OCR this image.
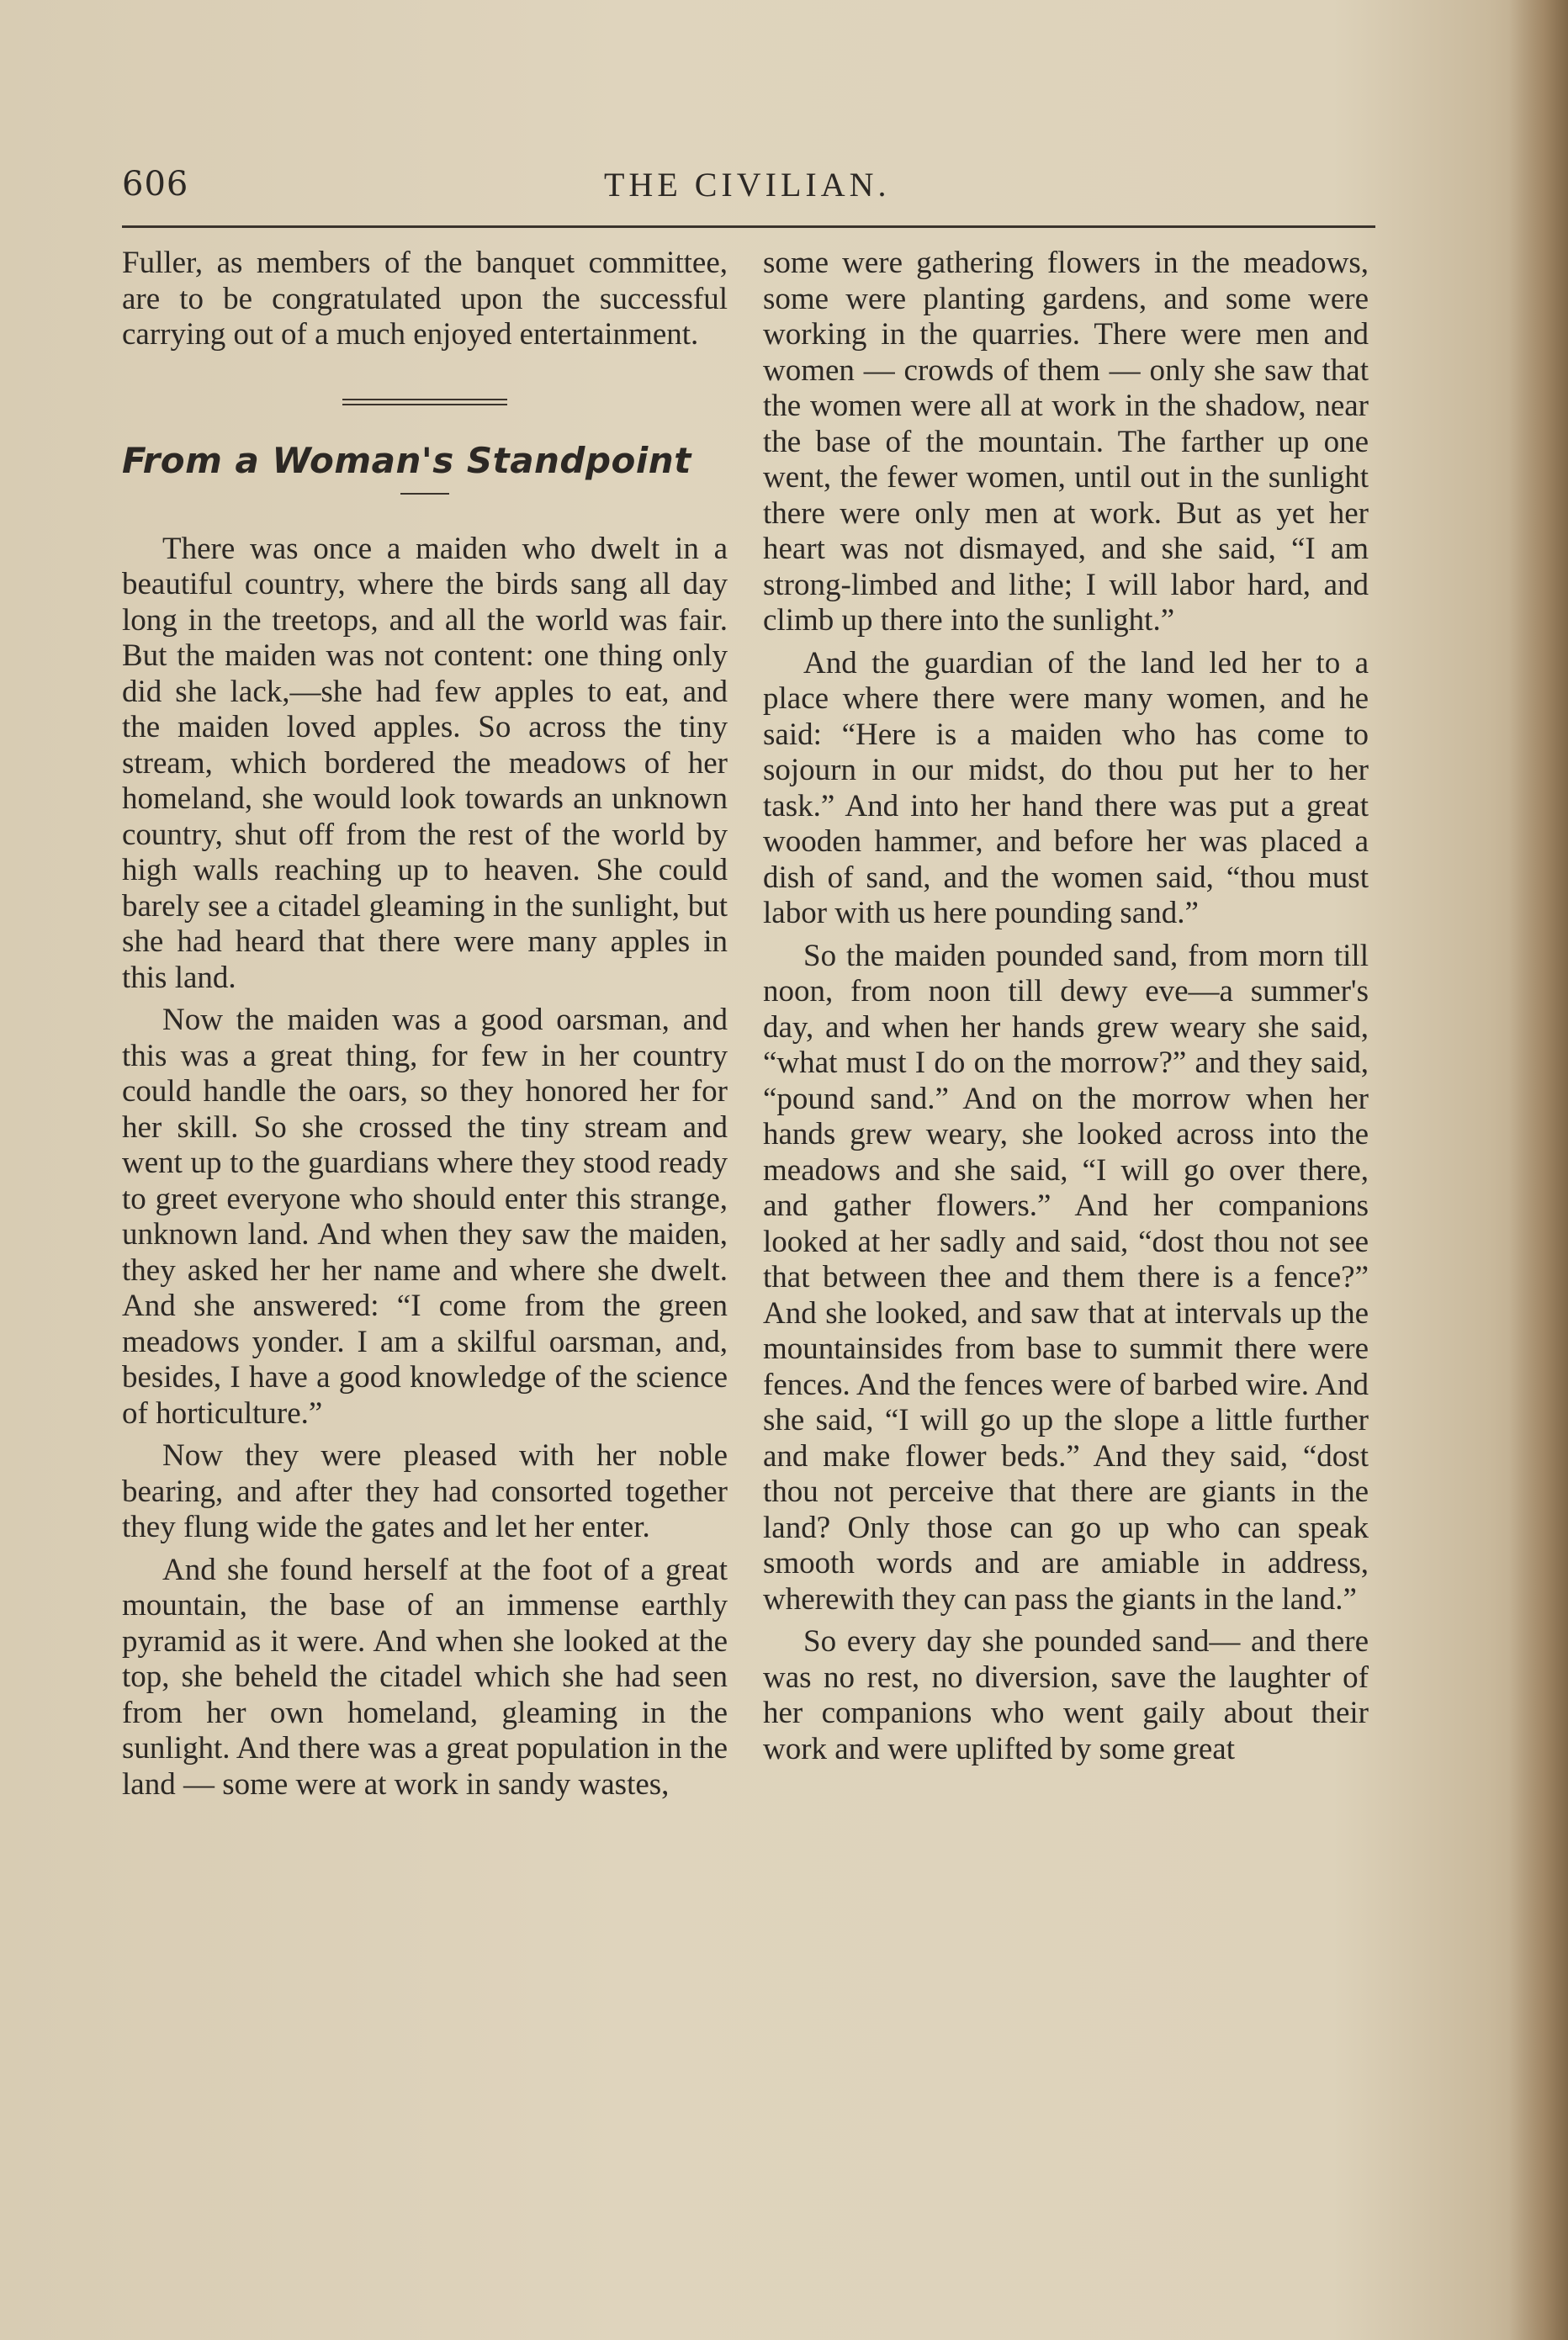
606	THE CIVILIAN.

Fuller, as members of the banquet committee, are to be congratulated upon the successful carrying out of a much enjoyed entertainment.

From a Woman's Standpoint

There was once a maiden who dwelt in a beautiful country, where the birds sang all day long in the treetops, and all the world was fair. But the maiden was not content: one thing only did she lack,—she had few apples to eat, and the maiden loved apples. So across the tiny stream, which bordered the meadows of her homeland, she would look towards an unknown country, shut off from the rest of the world by high walls reaching up to heaven. She could barely see a citadel gleaming in the sunlight, but she had heard that there were many apples in this land.

Now the maiden was a good oarsman, and this was a great thing, for few in her country could handle the oars, so they honored her for her skill. So she crossed the tiny stream and went up to the guardians where they stood ready to greet everyone who should enter this strange, unknown land. And when they saw the maiden, they asked her her name and where she dwelt. And she answered: “I come from the green meadows yonder. I am a skilful oarsman, and, besides, I have a good knowledge of the science of horticulture.”

Now they were pleased with her noble bearing, and after they had consorted together they flung wide the gates and let her enter.

And she found herself at the foot of a great mountain, the base of an immense earthly pyramid as it were. And when she looked at the top, she beheld the citadel which she had seen from her own homeland, gleaming in the sunlight. And there was a great population in the land — some were at work in sandy wastes,

some were gathering flowers in the meadows, some were planting gardens, and some were working in the quarries. There were men and women — crowds of them — only she saw that the women were all at work in the shadow, near the base of the mountain. The farther up one went, the fewer women, until out in the sunlight there were only men at work. But as yet her heart was not dismayed, and she said, “I am strong-limbed and lithe; I will labor hard, and climb up there into the sunlight.”

And the guardian of the land led her to a place where there were many women, and he said: “Here is a maiden who has come to sojourn in our midst, do thou put her to her task.” And into her hand there was put a great wooden hammer, and before her was placed a dish of sand, and the women said, “thou must labor with us here pounding sand.”

So the maiden pounded sand, from morn till noon, from noon till dewy eve—a summer's day, and when her hands grew weary she said, “what must I do on the morrow?” and they said, “pound sand.” And on the morrow when her hands grew weary, she looked across into the meadows and she said, “I will go over there, and gather flowers.” And her companions looked at her sadly and said, “dost thou not see that between thee and them there is a fence?” And she looked, and saw that at intervals up the mountainsides from base to summit there were fences. And the fences were of barbed wire. And she said, “I will go up the slope a little further and make flower beds.” And they said, “dost thou not perceive that there are giants in the land? Only those can go up who can speak smooth words and are amiable in address, wherewith they can pass the giants in the land.”

So every day she pounded sand— and there was no rest, no diversion, save the laughter of her companions who went gaily about their work and were uplifted by some great
